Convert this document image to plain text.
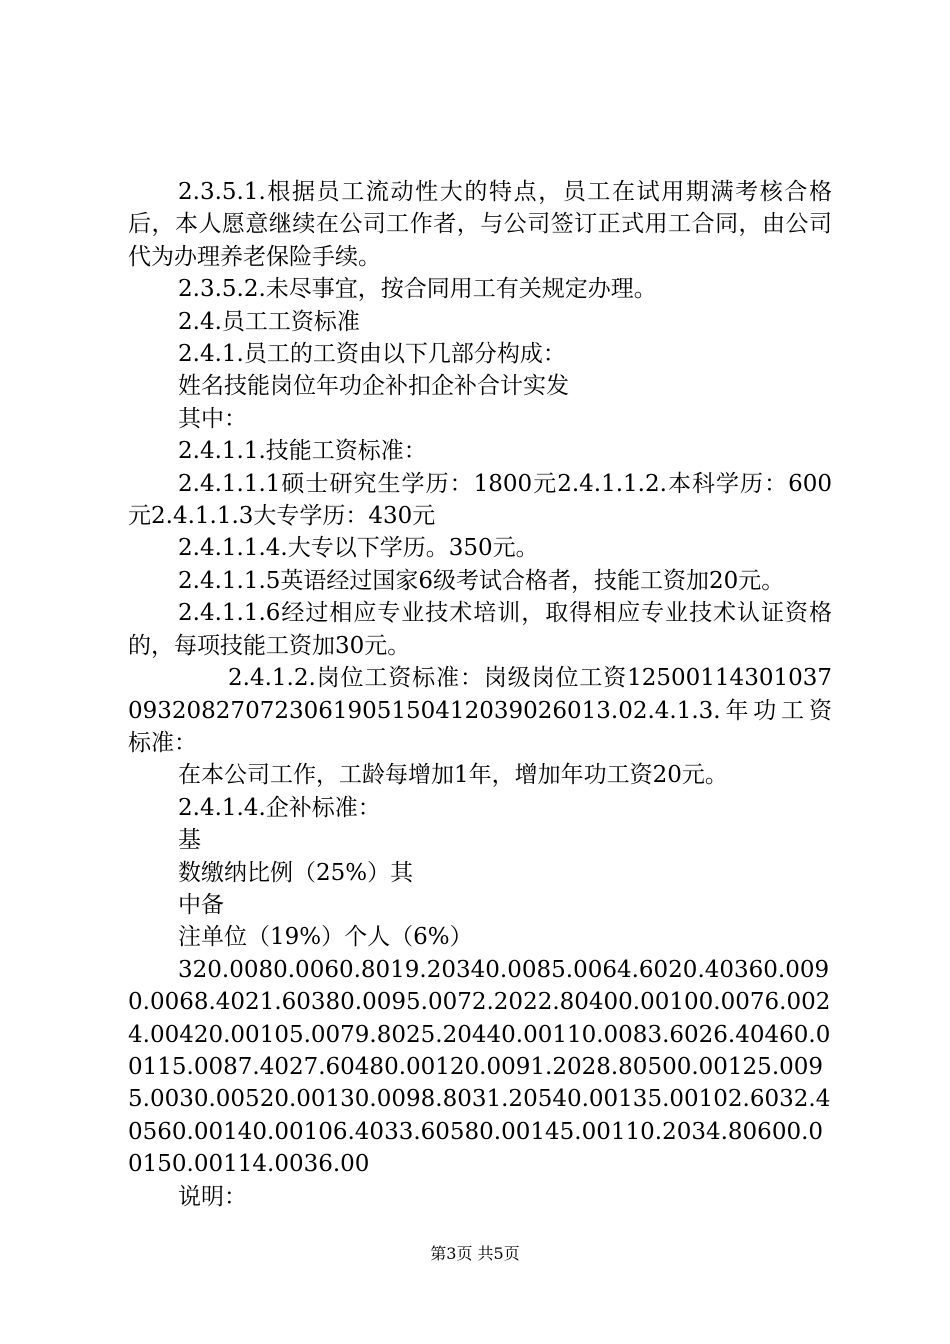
2.3.5.1.根据员工流动性大的特点，员工在试用期满考核合格后，本人愿意继续在公司工作者，与公司签订正式用工合同，由公司代为办理养老保险手续。

2.3.5.2.未尽事宜，按合同用工有关规定办理。

2.4.员工工资标准

2.4.1.员工的工资由以下几部分构成：

姓名技能岗位年功企补扣企补合计实发

其中：

2.4.1.1.技能工资标准：

2.4.1.1.1硕士研究生学历：1800元2.4.1.1.2.本科学历：600元2.4.1.1.3大专学历：430元

2.4.1.1.4.大专以下学历。350元。

2.4.1.1.5英语经过国家6级考试合格者，技能工资加20元。

2.4.1.1.6经过相应专业技术培训，取得相应专业技术认证资格的，每项技能工资加30元。

2.4.1.2.岗位工资标准：岗级岗位工资12500114301037093208270723061905150412039026013.02.4.1.3.年功工资标准：

在本公司工作，工龄每增加1年，增加年功工资20元。

2.4.1.4.企补标准：

基

数缴纳比例（25%）其

中备

注单位（19%）个人（6%）

320.0080.0060.8019.20340.0085.0064.6020.40360.0090.0068.4021.60380.0095.0072.2022.80400.00100.0076.0024.00420.00105.0079.8025.20440.00110.0083.6026.40460.00115.0087.4027.60480.00120.0091.2028.80500.00125.0095.0030.00520.00130.0098.8031.20540.00135.00102.6032.40560.00140.00106.4033.60580.00145.00110.2034.80600.00150.00114.0036.00

说明：

第3页 共5页
